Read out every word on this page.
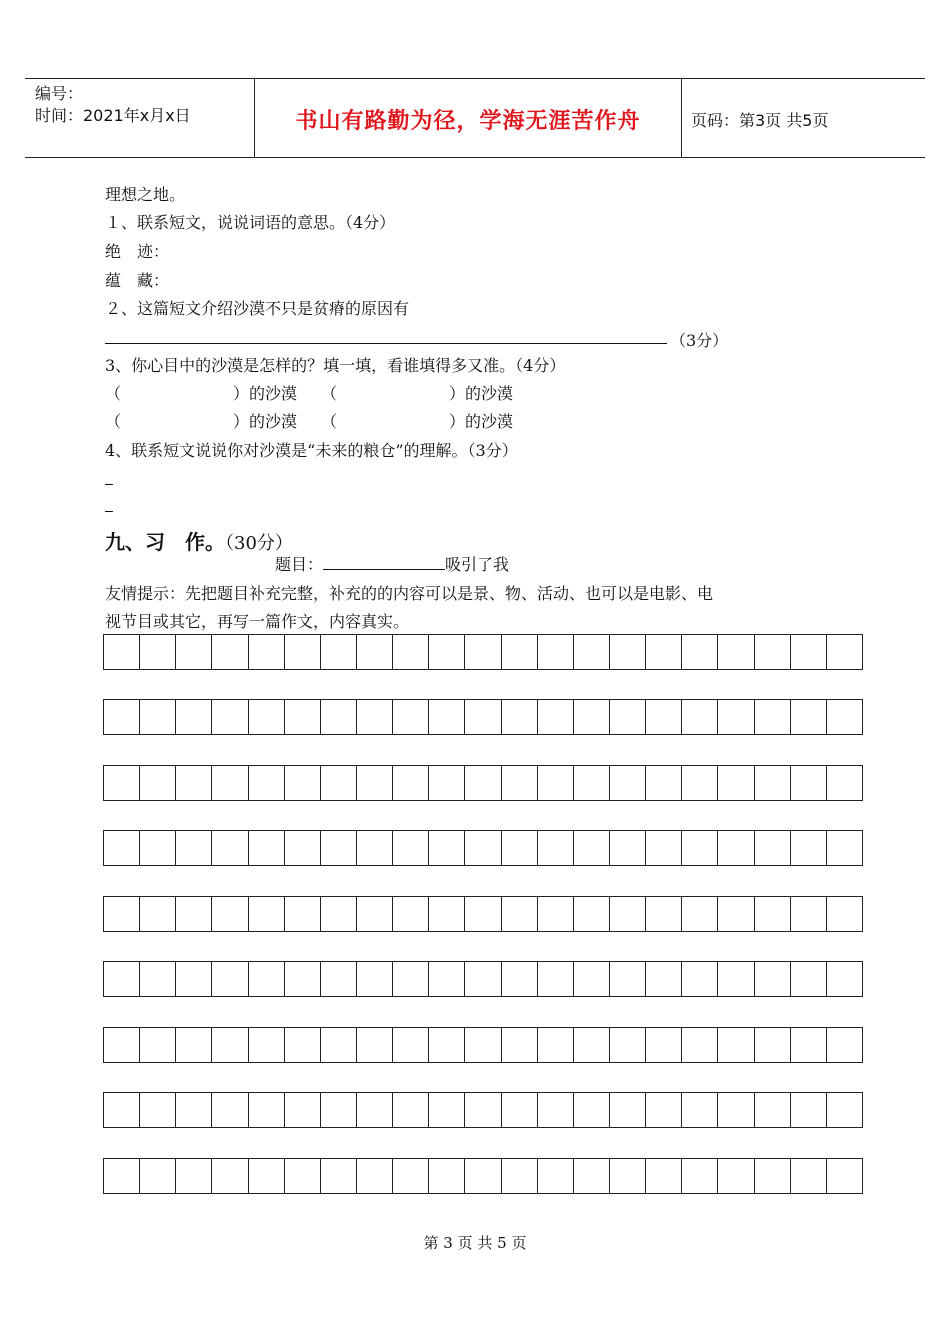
编号：
时间：2021年x月x日	书山有路勤为径，学海无涯苦作舟	页码：第3页 共5页
理想之地。
１、联系短文，说说词语的意思。（4分）
绝　迹：
蕴　藏：
２、这篇短文介绍沙漠不只是贫瘠的原因有
（3分）
3、你心目中的沙漠是怎样的？填一填，看谁填得多又准。（4分）
（　　　　　　　）的沙漠　　（　　　　　　　）的沙漠
（　　　　　　　）的沙漠　　（　　　　　　　）的沙漠
4、联系短文说说你对沙漠是“未来的粮仓”的理解。（3分）
九、习　作。（30分）
题目：	吸引了我
友情提示：先把题目补充完整，补充的的内容可以是景、物、活动、也可以是电影、电
视节目或其它，再写一篇作文，内容真实。
第 3 页 共 5 页
